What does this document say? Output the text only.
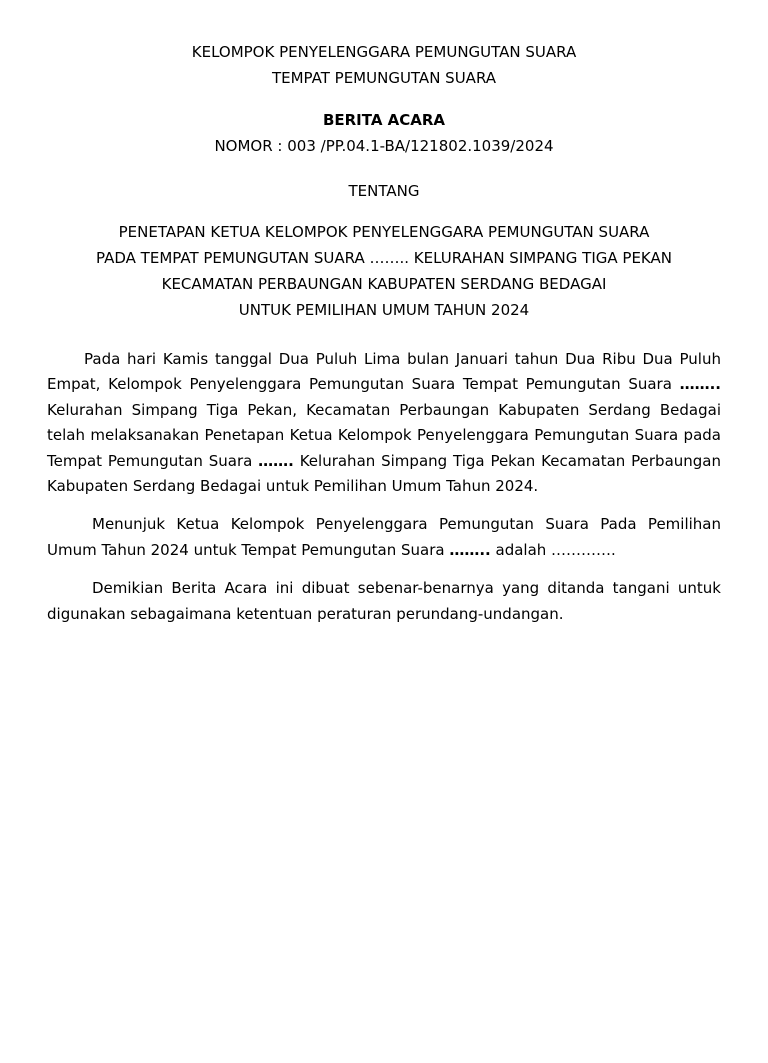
KELOMPOK PENYELENGGARA PEMUNGUTAN SUARA
TEMPAT PEMUNGUTAN SUARA
BERITA ACARA
NOMOR : 003 /PP.04.1-BA/121802.1039/2024
TENTANG
PENETAPAN KETUA KELOMPOK PENYELENGGARA PEMUNGUTAN SUARA
PADA TEMPAT PEMUNGUTAN SUARA …….. KELURAHAN SIMPANG TIGA PEKAN
KECAMATAN PERBAUNGAN KABUPATEN SERDANG BEDAGAI
UNTUK PEMILIHAN UMUM TAHUN 2024

Pada hari Kamis tanggal Dua Puluh Lima bulan Januari tahun Dua Ribu Dua Puluh Empat, Kelompok Penyelenggara Pemungutan Suara Tempat Pemungutan Suara …….. Kelurahan Simpang Tiga Pekan, Kecamatan Perbaungan Kabupaten Serdang Bedagai telah melaksanakan Penetapan Ketua Kelompok Penyelenggara Pemungutan Suara pada Tempat Pemungutan Suara ……. Kelurahan Simpang Tiga Pekan Kecamatan Perbaungan Kabupaten Serdang Bedagai untuk Pemilihan Umum Tahun 2024.

Menunjuk Ketua Kelompok Penyelenggara Pemungutan Suara Pada Pemilihan Umum Tahun 2024 untuk Tempat Pemungutan Suara …….. adalah ………….

Demikian Berita Acara ini dibuat sebenar-benarnya yang ditanda tangani untuk digunakan sebagaimana ketentuan peraturan perundang-undangan.
